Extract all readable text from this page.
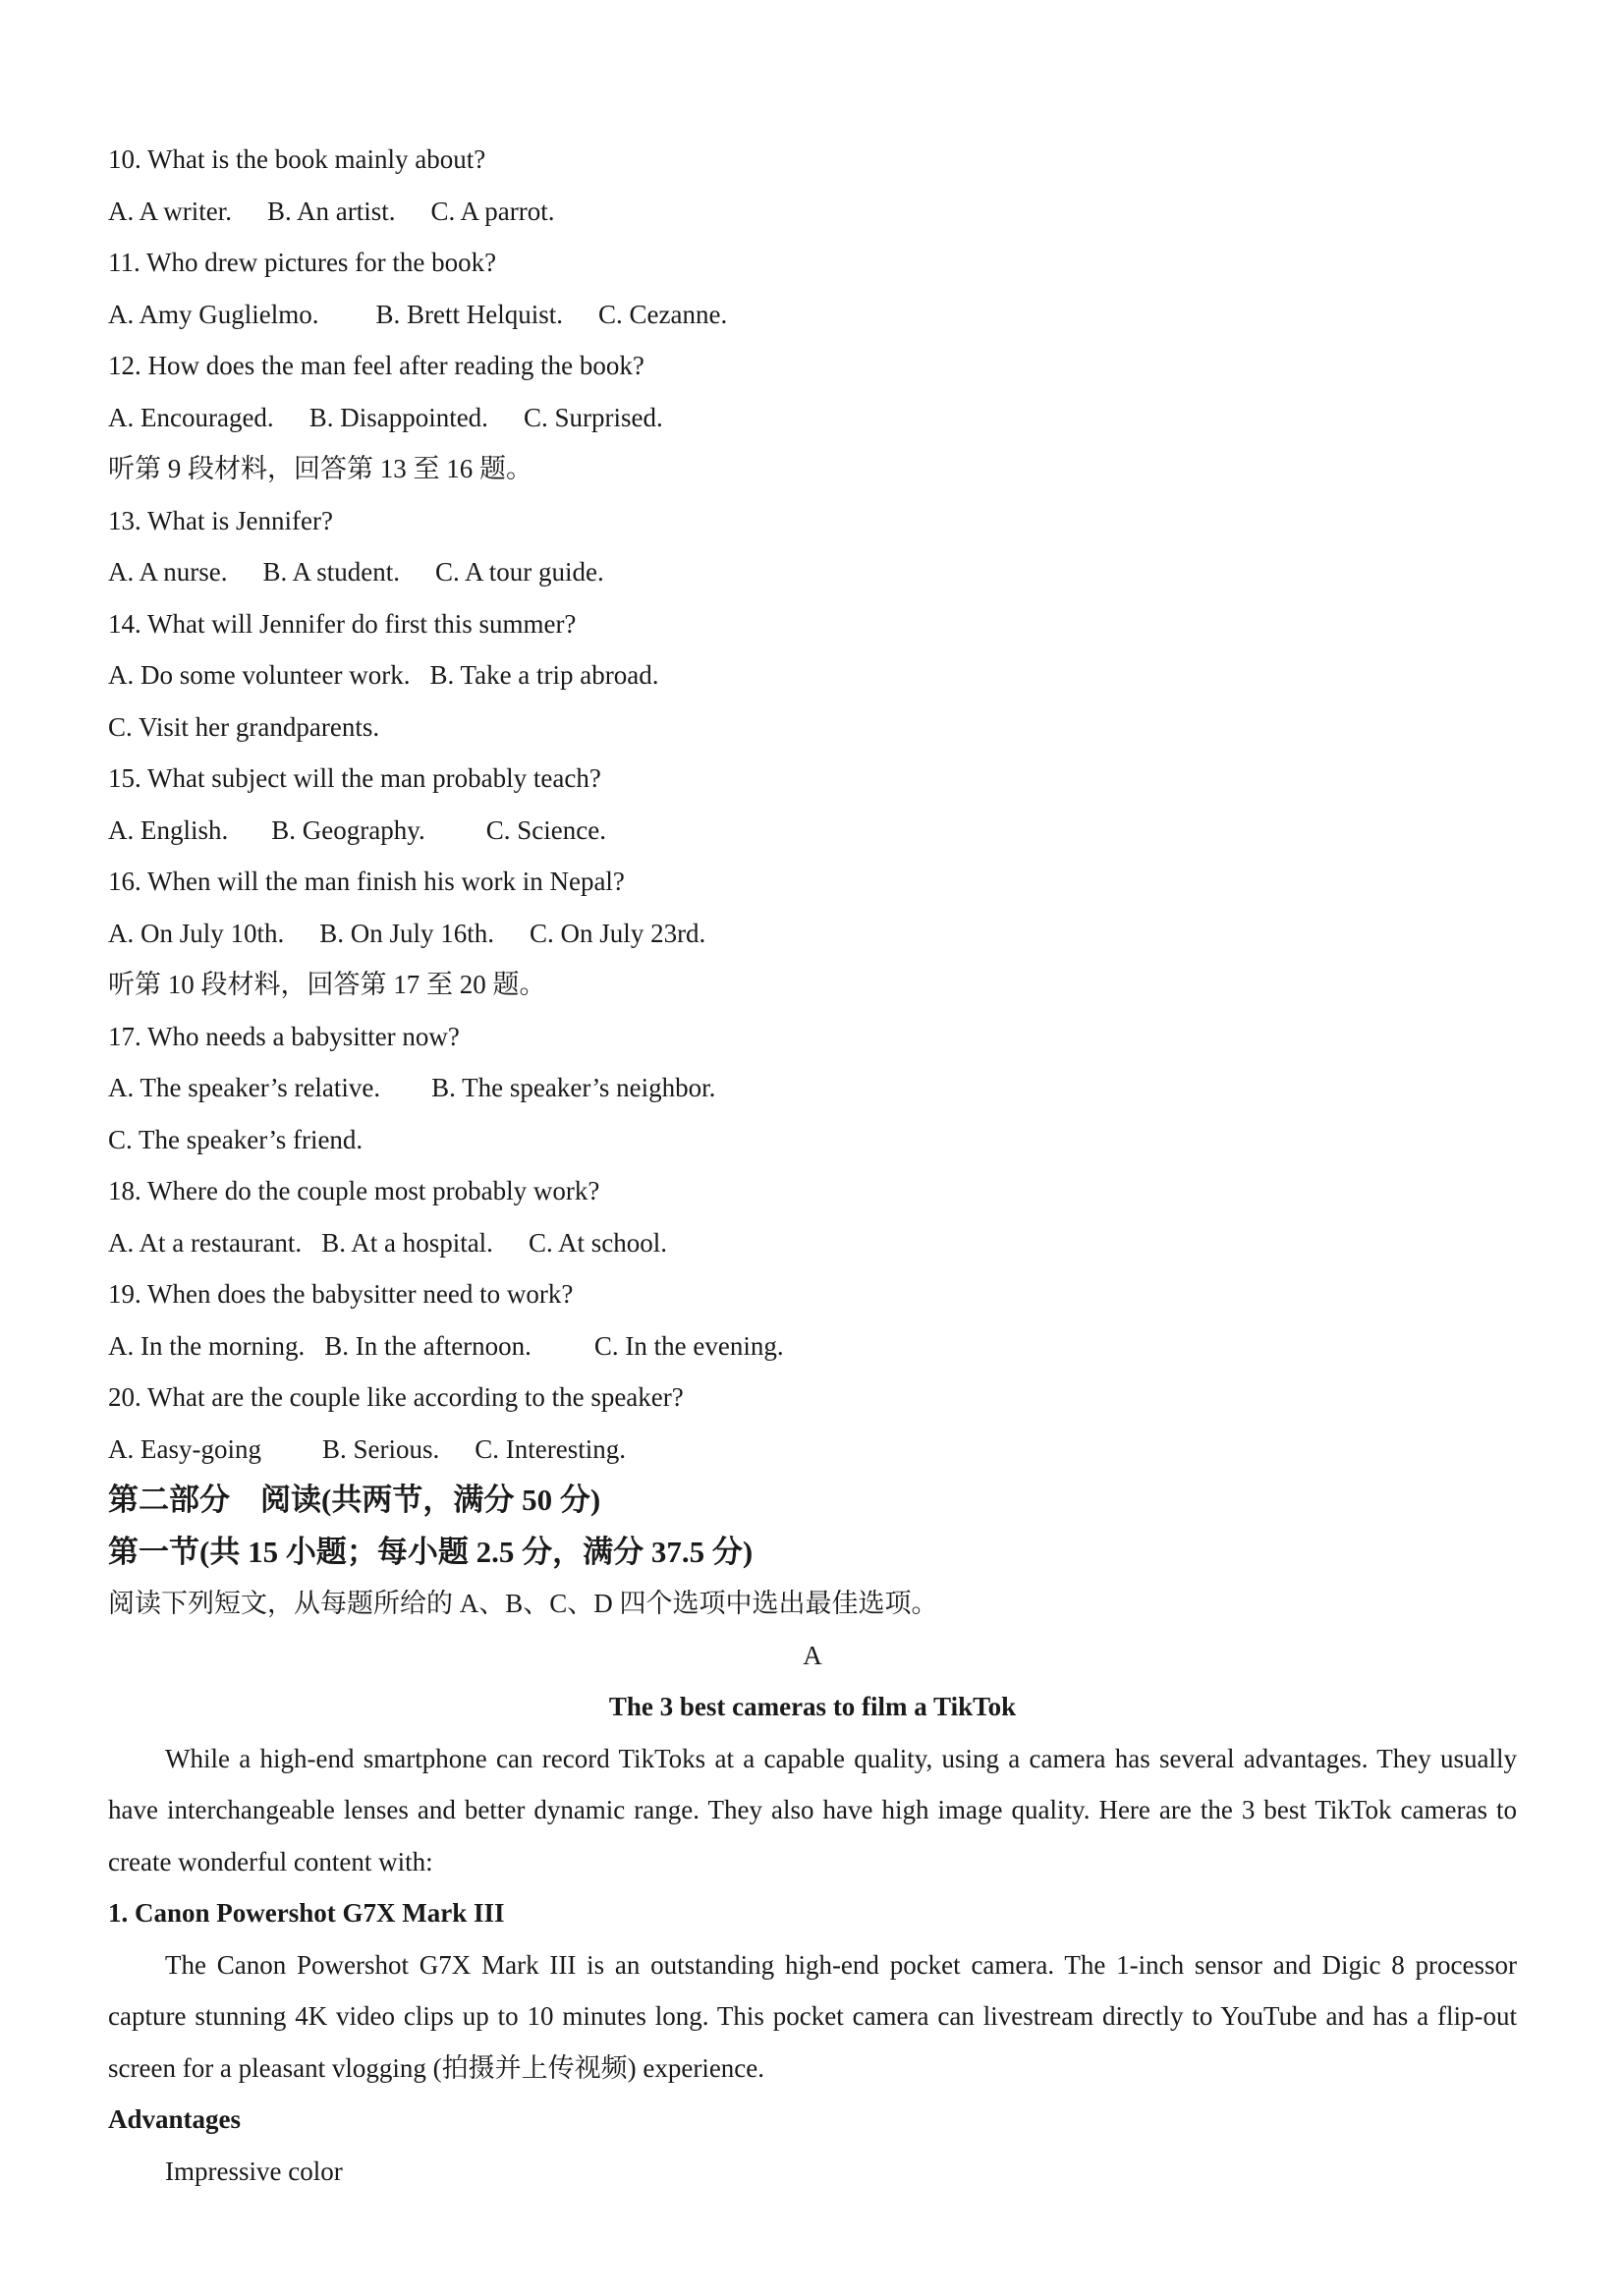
10. What is the book mainly about?
A. A writer. B. An artist. C. A parrot.
11. Who drew pictures for the book?
A. Amy Guglielmo. B. Brett Helquist. C. Cezanne.
12. How does the man feel after reading the book?
A. Encouraged. B. Disappointed. C. Surprised.
听第 9 段材料，回答第 13 至 16 题。
13. What is Jennifer?
A. A nurse. B. A student. C. A tour guide.
14. What will Jennifer do first this summer?
A. Do some volunteer work. B. Take a trip abroad.
C. Visit her grandparents.
15. What subject will the man probably teach?
A. English. B. Geography. C. Science.
16. When will the man finish his work in Nepal?
A. On July 10th. B. On July 16th. C. On July 23rd.
听第 10 段材料，回答第 17 至 20 题。
17. Who needs a babysitter now?
A. The speaker’s relative. B. The speaker’s neighbor.
C. The speaker’s friend.
18. Where do the couple most probably work?
A. At a restaurant. B. At a hospital. C. At school.
19. When does the babysitter need to work?
A. In the morning. B. In the afternoon. C. In the evening.
20. What are the couple like according to the speaker?
A. Easy-going B. Serious. C. Interesting.
第二部分　阅读(共两节，满分 50 分)
第一节(共 15 小题；每小题 2.5 分，满分 37.5 分)
阅读下列短文，从每题所给的 A、B、C、D 四个选项中选出最佳选项。
A
The 3 best cameras to film a TikTok
While a high-end smartphone can record TikToks at a capable quality, using a camera has several advantages. They usually have interchangeable lenses and better dynamic range. They also have high image quality. Here are the 3 best TikTok cameras to create wonderful content with:
1. Canon Powershot G7X Mark III
The Canon Powershot G7X Mark III is an outstanding high-end pocket camera. The 1-inch sensor and Digic 8 processor capture stunning 4K video clips up to 10 minutes long. This pocket camera can livestream directly to YouTube and has a flip-out screen for a pleasant vlogging (拍摄并上传视频) experience.
Advantages
Impressive color
